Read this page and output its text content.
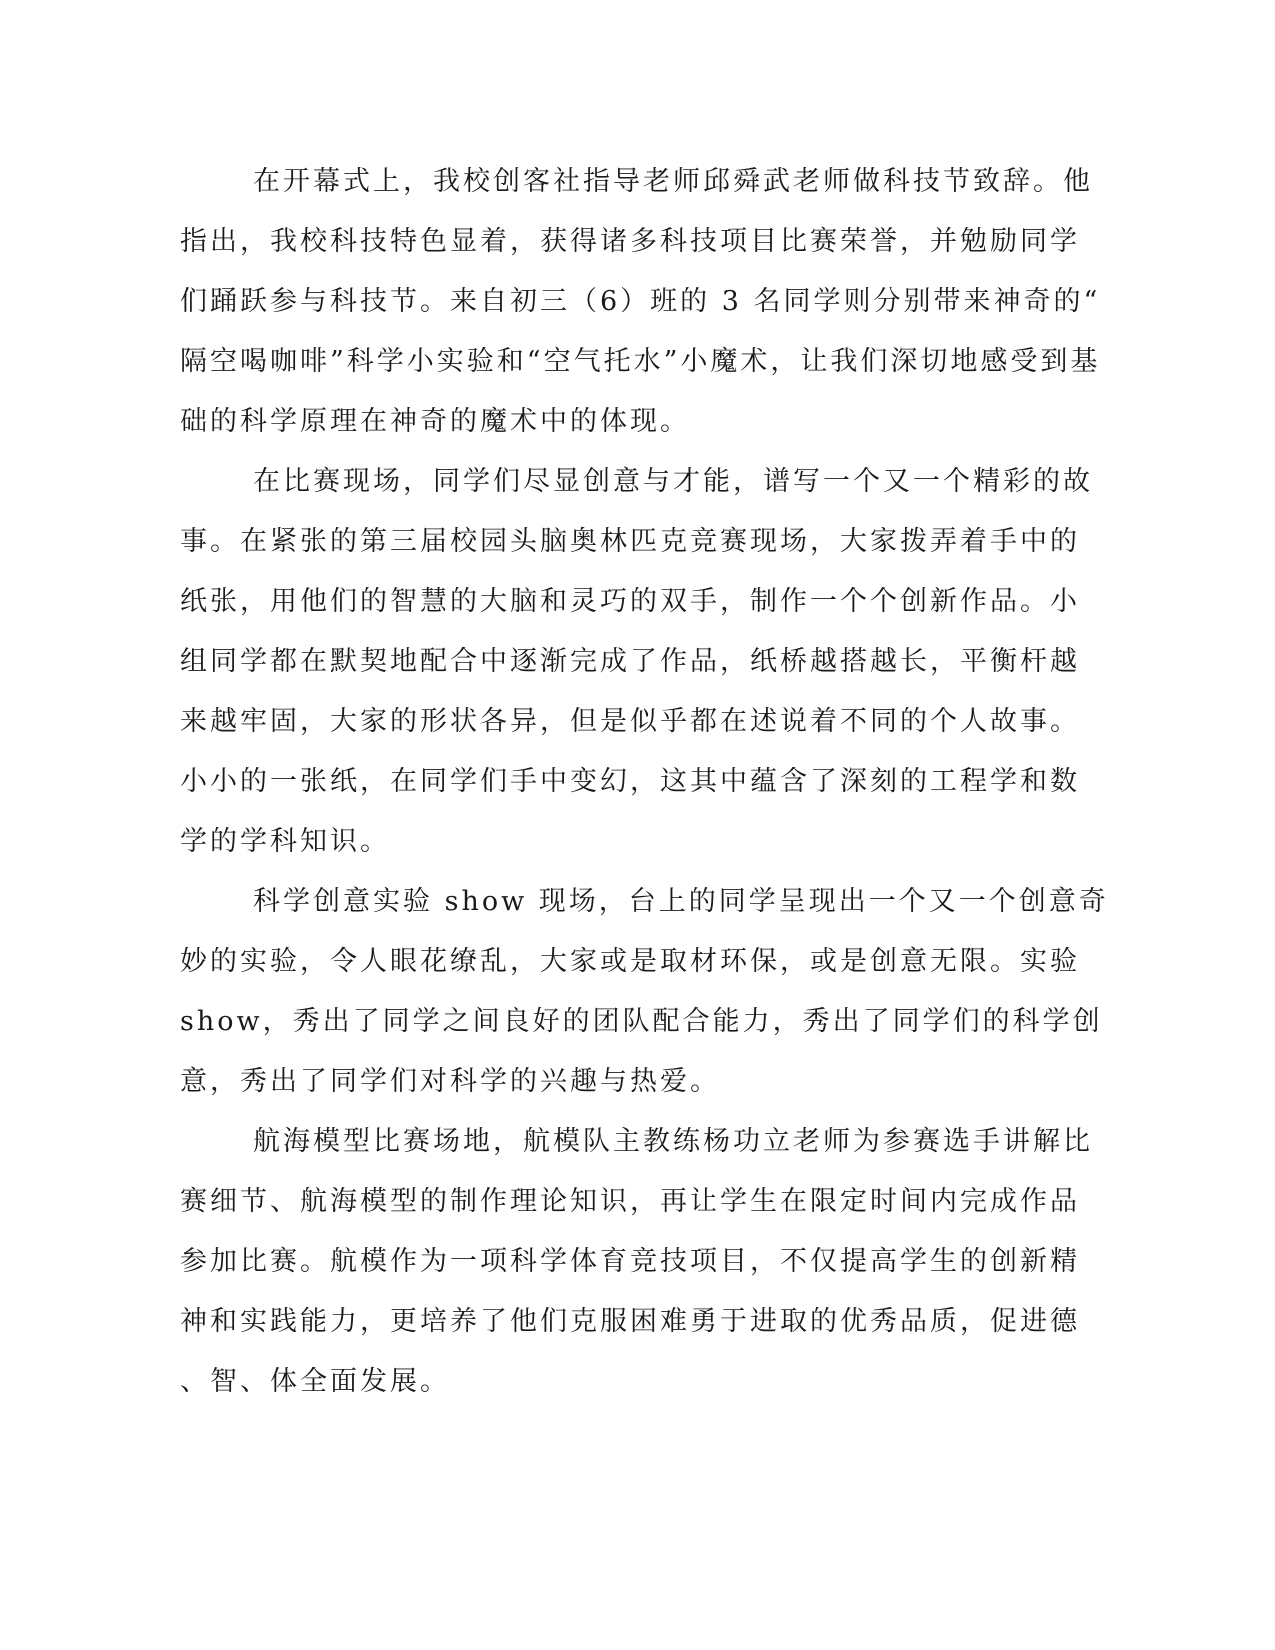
在开幕式上，我校创客社指导老师邱舜武老师做科技节致辞。他
指出，我校科技特色显着，获得诸多科技项目比赛荣誉，并勉励同学
们踊跃参与科技节。来自初三（6）班的 3 名同学则分别带来神奇的“
隔空喝咖啡”科学小实验和“空气托水”小魔术，让我们深切地感受到基
础的科学原理在神奇的魔术中的体现。
在比赛现场，同学们尽显创意与才能，谱写一个又一个精彩的故
事。在紧张的第三届校园头脑奥林匹克竞赛现场，大家拨弄着手中的
纸张，用他们的智慧的大脑和灵巧的双手，制作一个个创新作品。小
组同学都在默契地配合中逐渐完成了作品，纸桥越搭越长，平衡杆越
来越牢固，大家的形状各异，但是似乎都在述说着不同的个人故事。
小小的一张纸，在同学们手中变幻，这其中蕴含了深刻的工程学和数
学的学科知识。
科学创意实验 show 现场，台上的同学呈现出一个又一个创意奇
妙的实验，令人眼花缭乱，大家或是取材环保，或是创意无限。实验
show，秀出了同学之间良好的团队配合能力，秀出了同学们的科学创
意，秀出了同学们对科学的兴趣与热爱。
航海模型比赛场地，航模队主教练杨功立老师为参赛选手讲解比
赛细节、航海模型的制作理论知识，再让学生在限定时间内完成作品
参加比赛。航模作为一项科学体育竞技项目，不仅提高学生的创新精
神和实践能力，更培养了他们克服困难勇于进取的优秀品质，促进德
、智、体全面发展。
